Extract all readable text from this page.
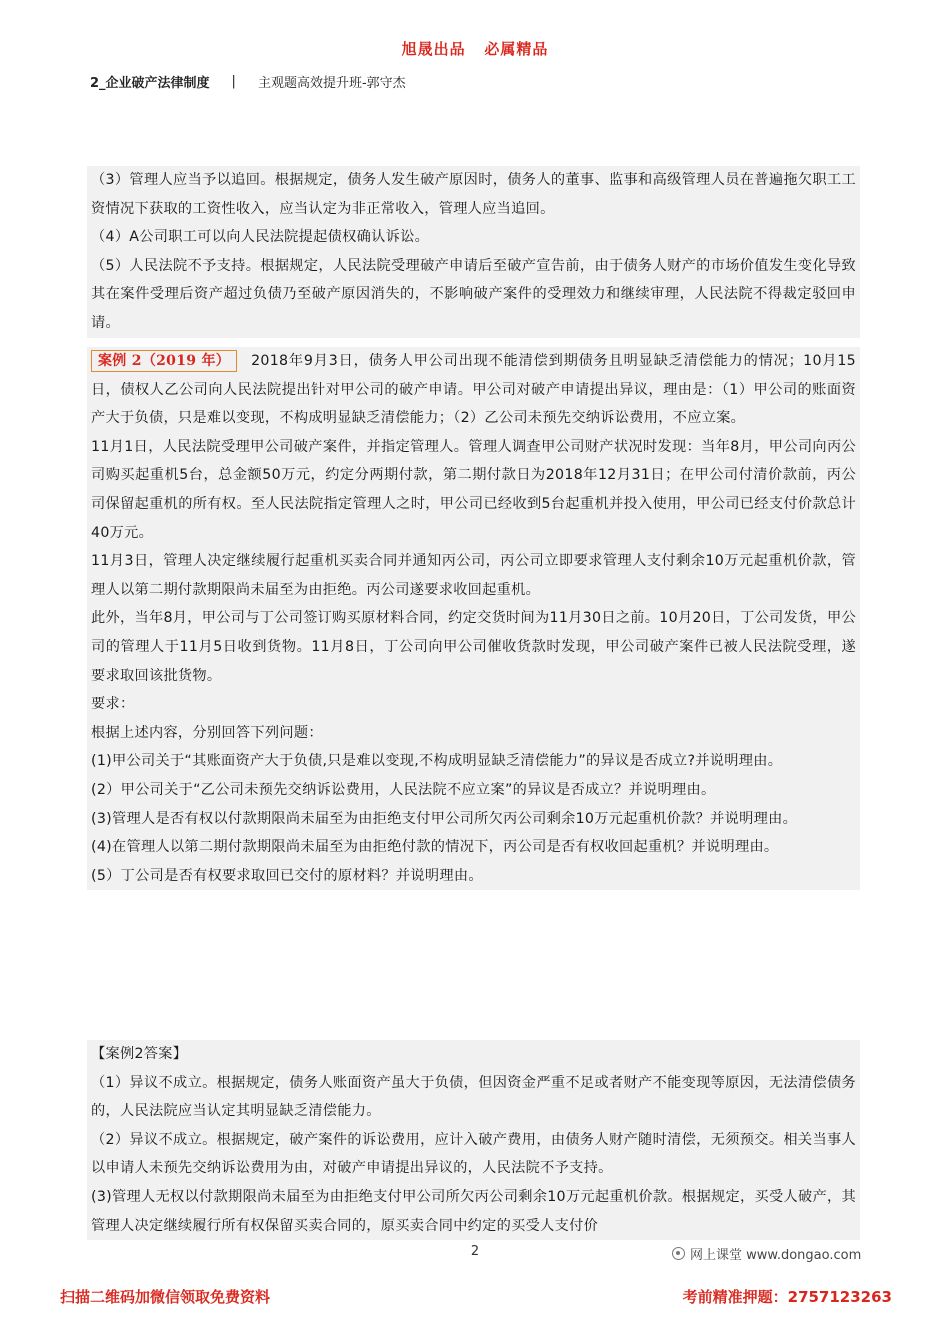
旭晟出品   必属精品
2_企业破产法律制度 | 主观题高效提升班-郭守杰

（3）管理人应当予以追回。根据规定，债务人发生破产原因时，债务人的董事、监事和高级管理人员在普遍拖欠职工工资情况下获取的工资性收入，应当认定为非正常收入，管理人应当追回。

（4）A公司职工可以向人民法院提起债权确认诉讼。

（5）人民法院不予支持。根据规定，人民法院受理破产申请后至破产宣告前，由于债务人财产的市场价值发生变化导致其在案件受理后资产超过负债乃至破产原因消失的，不影响破产案件的受理效力和继续审理，人民法院不得裁定驳回申请。

案例 2（2019 年） 2018年9月3日，债务人甲公司出现不能清偿到期债务且明显缺乏清偿能力的情况；10月15日，债权人乙公司向人民法院提出针对甲公司的破产申请。甲公司对破产申请提出异议，理由是：（1）甲公司的账面资产大于负债，只是难以变现，不构成明显缺乏清偿能力；（2）乙公司未预先交纳诉讼费用，不应立案。

11月1日，人民法院受理甲公司破产案件，并指定管理人。管理人调查甲公司财产状况时发现：当年8月，甲公司向丙公司购买起重机5台，总金额50万元，约定分两期付款，第二期付款日为2018年12月31日；在甲公司付清价款前，丙公司保留起重机的所有权。至人民法院指定管理人之时，甲公司已经收到5台起重机并投入使用，甲公司已经支付价款总计40万元。

11月3日，管理人决定继续履行起重机买卖合同并通知丙公司，丙公司立即要求管理人支付剩余10万元起重机价款，管理人以第二期付款期限尚未届至为由拒绝。丙公司遂要求收回起重机。

此外，当年8月，甲公司与丁公司签订购买原材料合同，约定交货时间为11月30日之前。10月20日，丁公司发货，甲公司的管理人于11月5日收到货物。11月8日，丁公司向甲公司催收货款时发现，甲公司破产案件已被人民法院受理，遂要求取回该批货物。

要求：

根据上述内容，分别回答下列问题：

(1)甲公司关于“其账面资产大于负债,只是难以变现,不构成明显缺乏清偿能力”的异议是否成立?并说明理由。

(2）甲公司关于“乙公司未预先交纳诉讼费用，人民法院不应立案”的异议是否成立？并说明理由。

(3)管理人是否有权以付款期限尚未届至为由拒绝支付甲公司所欠丙公司剩余10万元起重机价款？并说明理由。

(4)在管理人以第二期付款期限尚未届至为由拒绝付款的情况下，丙公司是否有权收回起重机？并说明理由。

(5）丁公司是否有权要求取回已交付的原材料？并说明理由。

【案例2答案】

（1）异议不成立。根据规定，债务人账面资产虽大于负债，但因资金严重不足或者财产不能变现等原因，无法清偿债务的，人民法院应当认定其明显缺乏清偿能力。

（2）异议不成立。根据规定，破产案件的诉讼费用，应计入破产费用，由债务人财产随时清偿，无须预交。相关当事人以申请人未预先交纳诉讼费用为由，对破产申请提出异议的，人民法院不予支持。

(3)管理人无权以付款期限尚未届至为由拒绝支付甲公司所欠丙公司剩余10万元起重机价款。根据规定，买受人破产，其管理人决定继续履行所有权保留买卖合同的，原买卖合同中约定的买受人支付价

2	网上课堂 www.dongao.com
扫描二维码加微信领取免费资料	考前精准押题：2757123263
